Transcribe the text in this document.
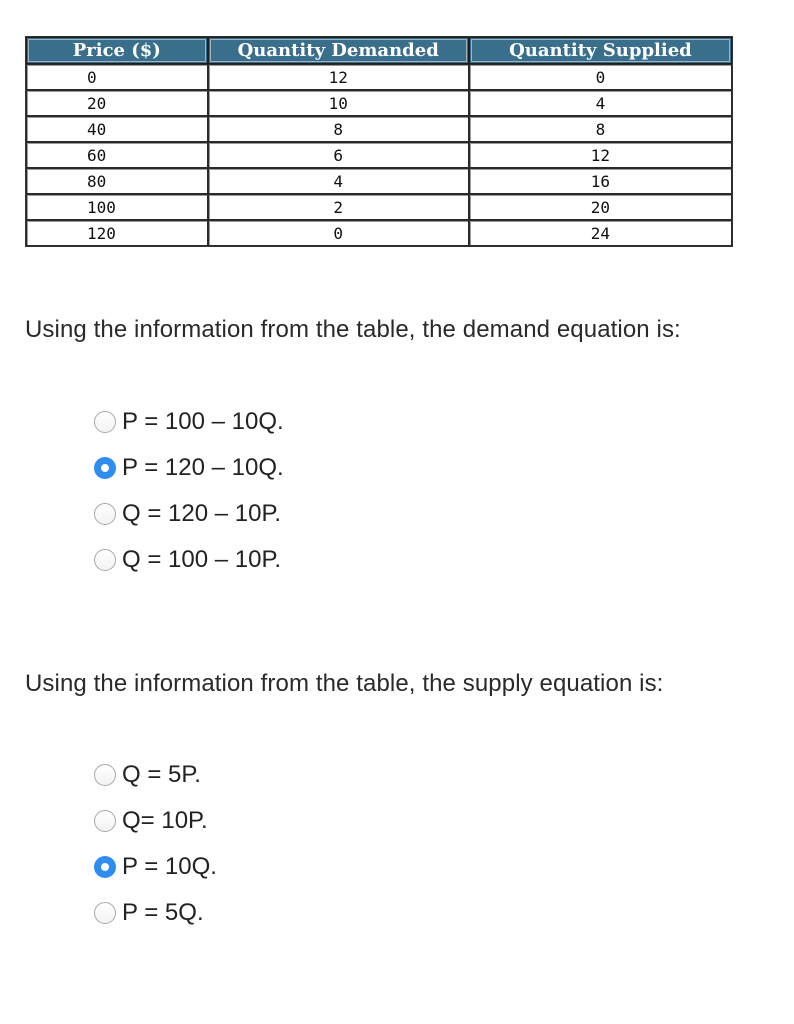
Price ($)	Quantity Demanded	Quantity Supplied
0	12	0
20	10	4
40	8	8
60	6	12
80	4	16
100	2	20
120	0	24

Using the information from the table, the demand equation is:

P = 100 – 10Q.
P = 120 – 10Q.
Q = 120 – 10P.
Q = 100 – 10P.

Using the information from the table, the supply equation is:

Q = 5P.
Q= 10P.
P = 10Q.
P = 5Q.
